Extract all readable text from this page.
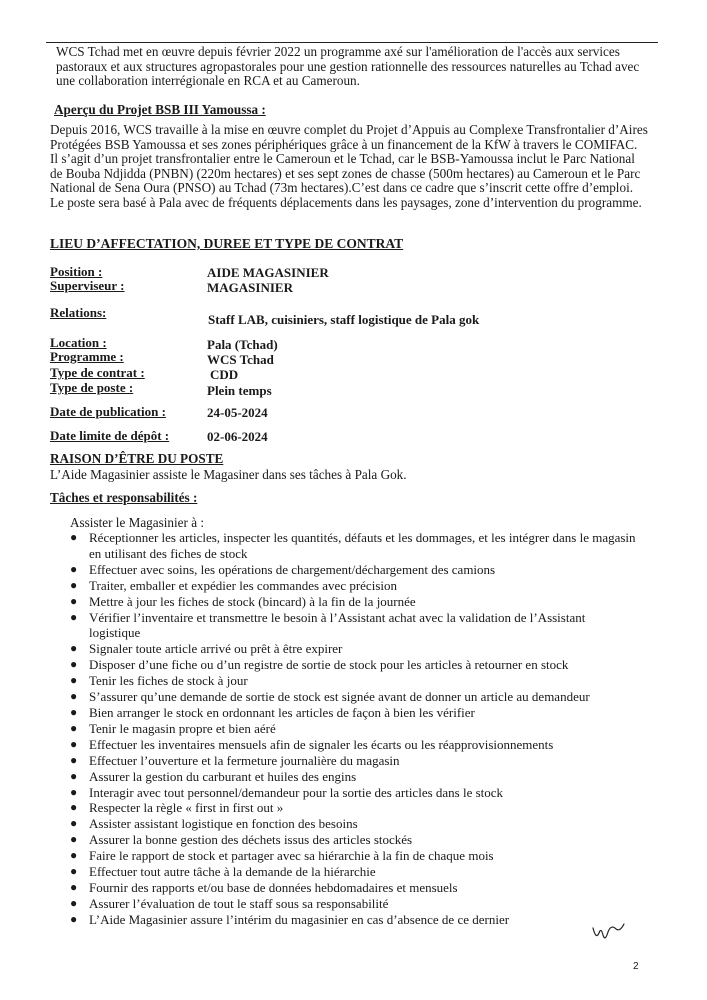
WCS Tchad met en œuvre depuis février 2022 un programme axé sur l'amélioration de l'accès aux services
pastoraux et aux structures agropastorales pour une gestion rationnelle des ressources naturelles au Tchad avec
une collaboration interrégionale en RCA et au Cameroun.
Aperçu du Projet BSB III Yamoussa :
Depuis 2016, WCS travaille à la mise en œuvre complet du Projet d’Appuis au Complexe Transfrontalier d’Aires
Protégées BSB Yamoussa et ses zones périphériques grâce à un financement de la KfW à travers le COMIFAC.
Il s’agit d’un projet transfrontalier entre le Cameroun et le Tchad, car le BSB-Yamoussa inclut le Parc National
de Bouba Ndjidda (PNBN) (220m hectares) et ses sept zones de chasse (500m hectares) au Cameroun et le Parc
National de Sena Oura (PNSO) au Tchad (73m hectares).C’est dans ce cadre que s’inscrit cette offre d’emploi.
Le poste sera basé à Pala avec de fréquents déplacements dans les paysages, zone d’intervention du programme.
LIEU D’AFFECTATION, DUREE ET TYPE DE CONTRAT
Position :	AIDE MAGASINIER
Superviseur :	MAGASINIER
Relations:	Staff LAB, cuisiniers, staff logistique de Pala gok
Location :	Pala (Tchad)
Programme :	WCS Tchad
Type de contrat :	CDD
Type de poste :	Plein temps
Date de publication :	24-05-2024
Date limite de dépôt :	02-06-2024
RAISON D’ÊTRE DU POSTE
L’Aide Magasinier assiste le Magasiner dans ses tâches à Pala Gok.
Tâches et responsabilités :
Assister le Magasinier à :
● Réceptionner les articles, inspecter les quantités, défauts et les dommages, et les intégrer dans le magasin
en utilisant des fiches de stock
● Effectuer avec soins, les opérations de chargement/déchargement des camions
● Traiter, emballer et expédier les commandes avec précision
● Mettre à jour les fiches de stock (bincard) à la fin de la journée
● Vérifier l’inventaire et transmettre le besoin à l’Assistant achat avec la validation de l’Assistant
logistique
● Signaler toute article arrivé ou prêt à être expirer
● Disposer d’une fiche ou d’un registre de sortie de stock pour les articles à retourner en stock
● Tenir les fiches de stock à jour
● S’assurer qu’une demande de sortie de stock est signée avant de donner un article au demandeur
● Bien arranger le stock en ordonnant les articles de façon à bien les vérifier
● Tenir le magasin propre et bien aéré
● Effectuer les inventaires mensuels afin de signaler les écarts ou les réapprovisionnements
● Effectuer l’ouverture et la fermeture journalière du magasin
● Assurer la gestion du carburant et huiles des engins
● Interagir avec tout personnel/demandeur pour la sortie des articles dans le stock
● Respecter la règle « first in first out »
● Assister assistant logistique en fonction des besoins
● Assurer la bonne gestion des déchets issus des articles stockés
● Faire le rapport de stock et partager avec sa hiérarchie à la fin de chaque mois
● Effectuer tout autre tâche à la demande de la hiérarchie
● Fournir des rapports et/ou base de données hebdomadaires et mensuels
● Assurer l’évaluation de tout le staff sous sa responsabilité
● L’Aide Magasinier assure l’intérim du magasinier en cas d’absence de ce dernier
2
